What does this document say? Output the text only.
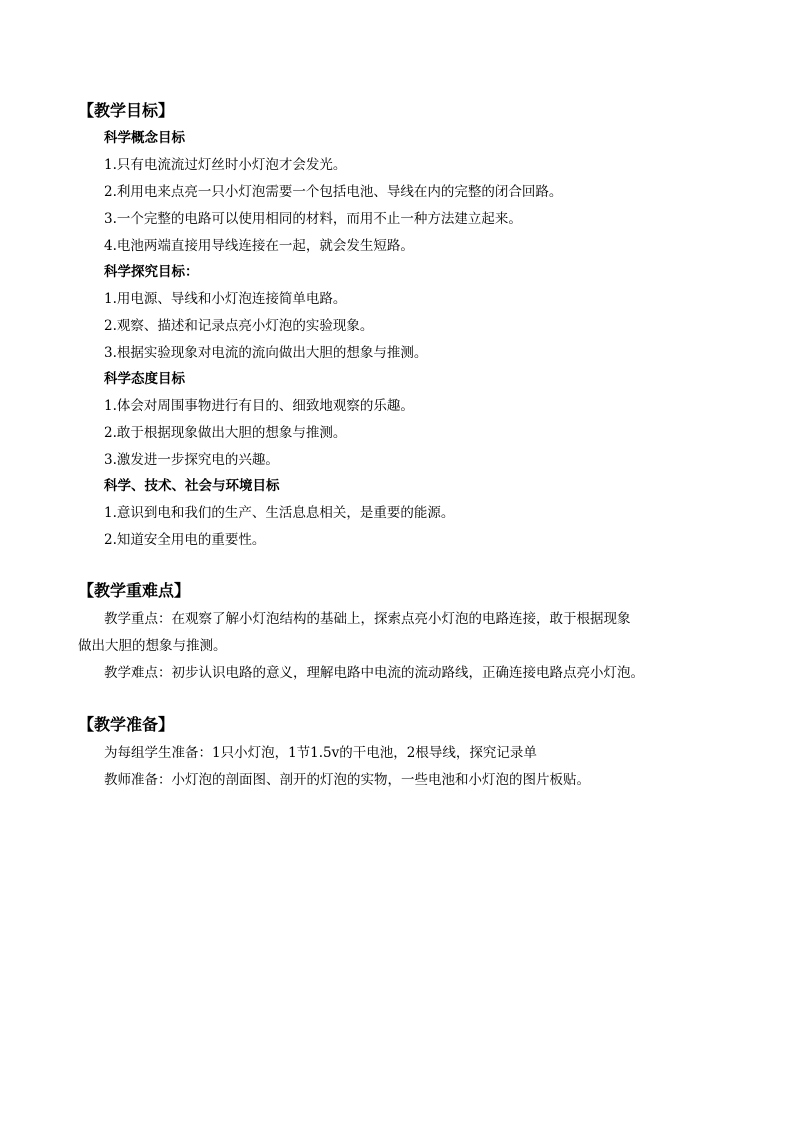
【教学目标】
科学概念目标
1.只有电流流过灯丝时小灯泡才会发光。
2.利用电来点亮一只小灯泡需要一个包括电池、导线在内的完整的闭合回路。
3.一个完整的电路可以使用相同的材料，而用不止一种方法建立起来。
4.电池两端直接用导线连接在一起，就会发生短路。
科学探究目标：
1.用电源、导线和小灯泡连接简单电路。
2.观察、描述和记录点亮小灯泡的实验现象。
3.根据实验现象对电流的流向做出大胆的想象与推测。
科学态度目标
1.体会对周围事物进行有目的、细致地观察的乐趣。
2.敢于根据现象做出大胆的想象与推测。
3.激发进一步探究电的兴趣。
科学、技术、社会与环境目标
1.意识到电和我们的生产、生活息息相关，是重要的能源。
2.知道安全用电的重要性。
【教学重难点】
教学重点：在观察了解小灯泡结构的基础上，探索点亮小灯泡的电路连接，敢于根据现象
做出大胆的想象与推测。
教学难点：初步认识电路的意义，理解电路中电流的流动路线，正确连接电路点亮小灯泡。
【教学准备】
为每组学生准备：1只小灯泡，1节1.5v的干电池，2根导线，探究记录单
教师准备：小灯泡的剖面图、剖开的灯泡的实物，一些电池和小灯泡的图片板贴。
